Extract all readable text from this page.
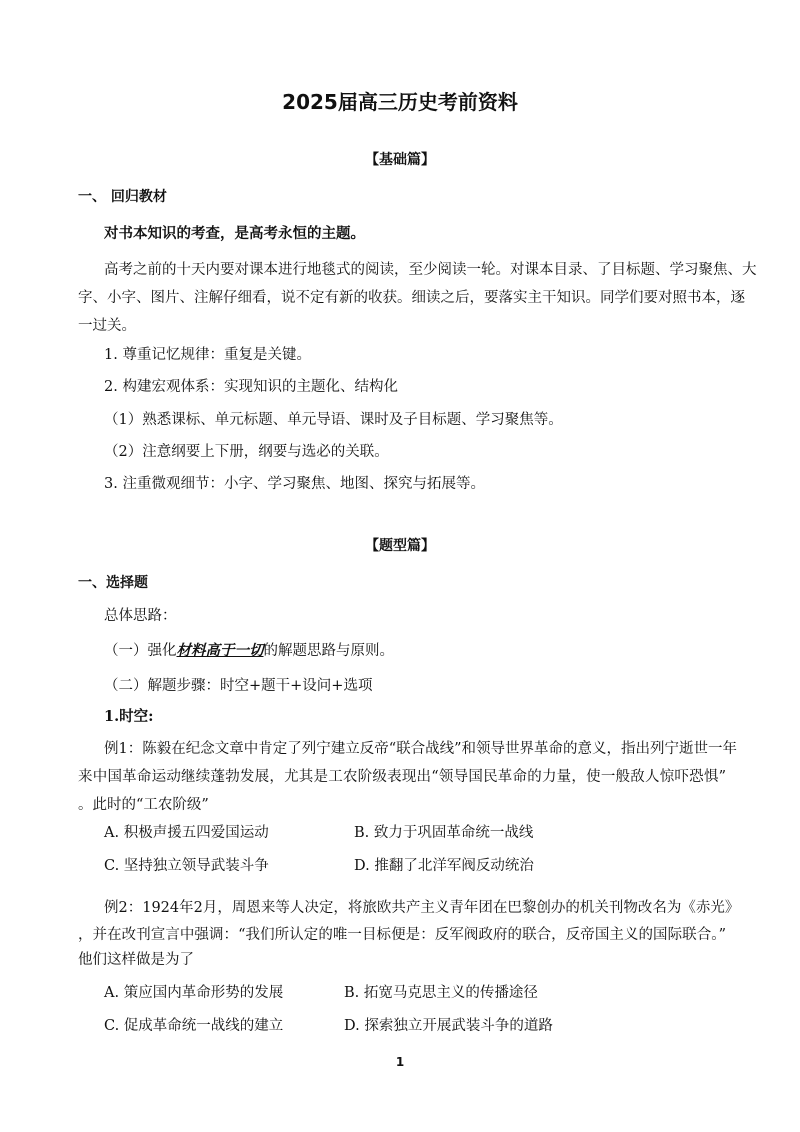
2025届高三历史考前资料
【基础篇】
一、 回归教材
对书本知识的考查，是高考永恒的主题。
高考之前的十天内要对课本进行地毯式的阅读，至少阅读一轮。对课本目录、了目标题、学习聚焦、大
字、小字、图片、注解仔细看，说不定有新的收获。细读之后，要落实主干知识。同学们要对照书本，逐
一过关。
1. 尊重记忆规律：重复是关键。
2. 构建宏观体系：实现知识的主题化、结构化
（1）熟悉课标、单元标题、单元导语、课时及子目标题、学习聚焦等。
（2）注意纲要上下册，纲要与选必的关联。
3. 注重微观细节：小字、学习聚焦、地图、探究与拓展等。
【题型篇】
一、选择题
总体思路：
（一）强化材料高于一切的解题思路与原则。
（二）解题步骤：时空+题干+设问+选项
1.时空:
例1：陈毅在纪念文章中肯定了列宁建立反帝“联合战线”和领导世界革命的意义，指出列宁逝世一年
来中国革命运动继续蓬勃发展，尤其是工农阶级表现出“领导国民革命的力量，使一般敌人惊吓恐惧”
。此时的“工农阶级”
A. 积极声援五四爱国运动	B. 致力于巩固革命统一战线
C. 坚持独立领导武装斗争	D. 推翻了北洋军阀反动统治
例2：1924年2月，周恩来等人决定，将旅欧共产主义青年团在巴黎创办的机关刊物改名为《赤光》
，并在改刊宣言中强调：“我们所认定的唯一目标便是：反军阀政府的联合，反帝国主义的国际联合。”
他们这样做是为了
A. 策应国内革命形势的发展	B. 拓宽马克思主义的传播途径
C. 促成革命统一战线的建立	D. 探索独立开展武装斗争的道路
1
